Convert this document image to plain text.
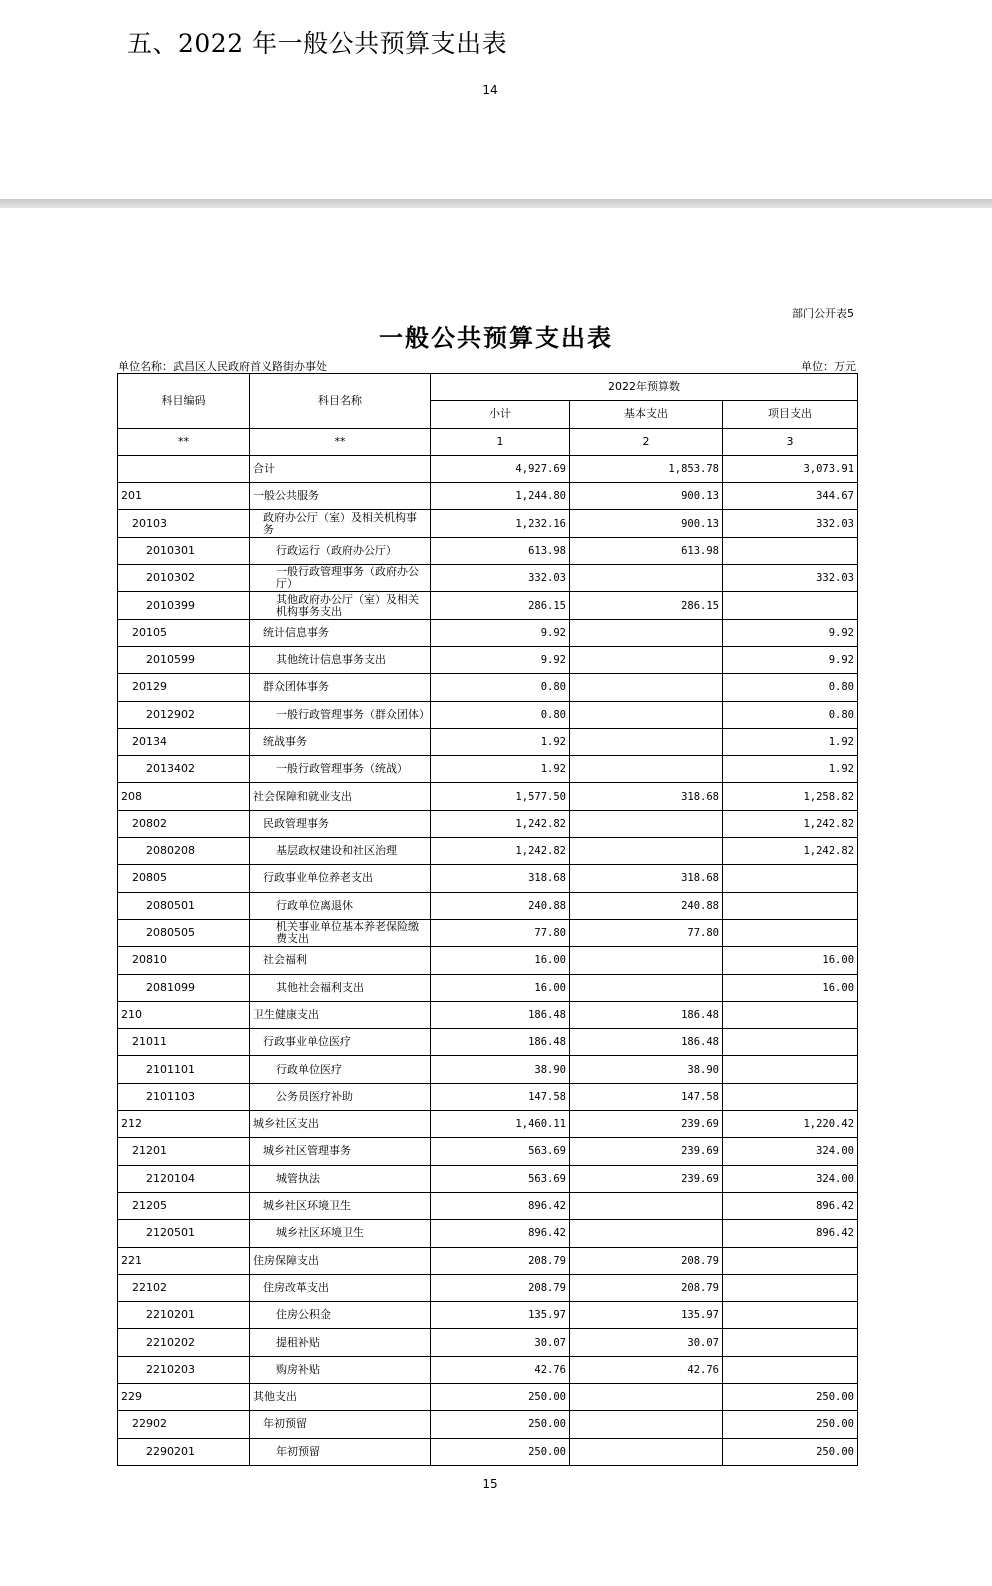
五、2022 年一般公共预算支出表
14
部门公开表5
一般公共预算支出表
单位名称：武昌区人民政府首义路街办事处	单位：万元
科目编码	科目名称	2022年预算数		
		小计	基本支出	项目支出
**	**	1	2	3
	合计	4,927.69	1,853.78	3,073.91
201	一般公共服务	1,244.80	900.13	344.67
20103	政府办公厅（室）及相关机构事务	1,232.16	900.13	332.03
2010301	行政运行（政府办公厅）	613.98	613.98	
2010302	一般行政管理事务（政府办公厅）	332.03		332.03
2010399	其他政府办公厅（室）及相关机构事务支出	286.15	286.15	
20105	统计信息事务	9.92		9.92
2010599	其他统计信息事务支出	9.92		9.92
20129	群众团体事务	0.80		0.80
2012902	一般行政管理事务（群众团体）	0.80		0.80
20134	统战事务	1.92		1.92
2013402	一般行政管理事务（统战）	1.92		1.92
208	社会保障和就业支出	1,577.50	318.68	1,258.82
20802	民政管理事务	1,242.82		1,242.82
2080208	基层政权建设和社区治理	1,242.82		1,242.82
20805	行政事业单位养老支出	318.68	318.68	
2080501	行政单位离退休	240.88	240.88	
2080505	机关事业单位基本养老保险缴费支出	77.80	77.80	
20810	社会福利	16.00		16.00
2081099	其他社会福利支出	16.00		16.00
210	卫生健康支出	186.48	186.48	
21011	行政事业单位医疗	186.48	186.48	
2101101	行政单位医疗	38.90	38.90	
2101103	公务员医疗补助	147.58	147.58	
212	城乡社区支出	1,460.11	239.69	1,220.42
21201	城乡社区管理事务	563.69	239.69	324.00
2120104	城管执法	563.69	239.69	324.00
21205	城乡社区环境卫生	896.42		896.42
2120501	城乡社区环境卫生	896.42		896.42
221	住房保障支出	208.79	208.79	
22102	住房改革支出	208.79	208.79	
2210201	住房公积金	135.97	135.97	
2210202	提租补贴	30.07	30.07	
2210203	购房补贴	42.76	42.76	
229	其他支出	250.00		250.00
22902	年初预留	250.00		250.00
2290201	年初预留	250.00		250.00
15
